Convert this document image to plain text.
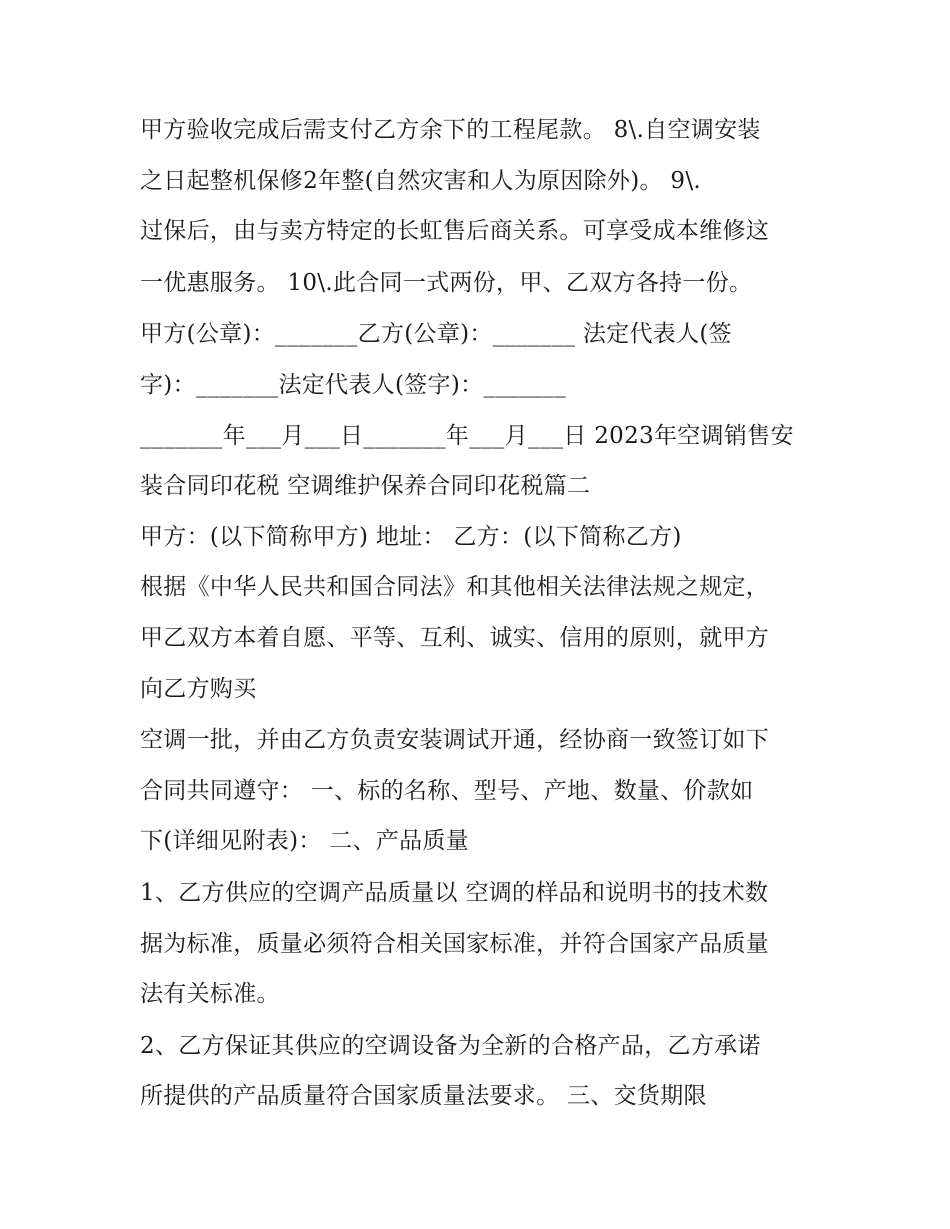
甲方验收完成后需支付乙方余下的工程尾款。 8\.自空调安装
之日起整机保修2年整(自然灾害和人为原因除外)。 9\.
过保后，由与卖方特定的长虹售后商关系。可享受成本维修这
一优惠服务。 10\.此合同一式两份，甲、乙双方各持一份。
甲方(公章)：_______乙方(公章)：_______ 法定代表人(签
字)：_______法定代表人(签字)：_______
_______年___月___日_______年___月___日 2023年空调销售安
装合同印花税 空调维护保养合同印花税篇二
甲方：(以下简称甲方) 地址： 乙方：(以下简称乙方)
根据《中华人民共和国合同法》和其他相关法律法规之规定，
甲乙双方本着自愿、平等、互利、诚实、信用的原则，就甲方
向乙方购买
空调一批，并由乙方负责安装调试开通，经协商一致签订如下
合同共同遵守： 一、标的名称、型号、产地、数量、价款如
下(详细见附表)： 二、产品质量
1、乙方供应的空调产品质量以 空调的样品和说明书的技术数
据为标准，质量必须符合相关国家标准，并符合国家产品质量
法有关标准。
2、乙方保证其供应的空调设备为全新的合格产品，乙方承诺
所提供的产品质量符合国家质量法要求。 三、交货期限
